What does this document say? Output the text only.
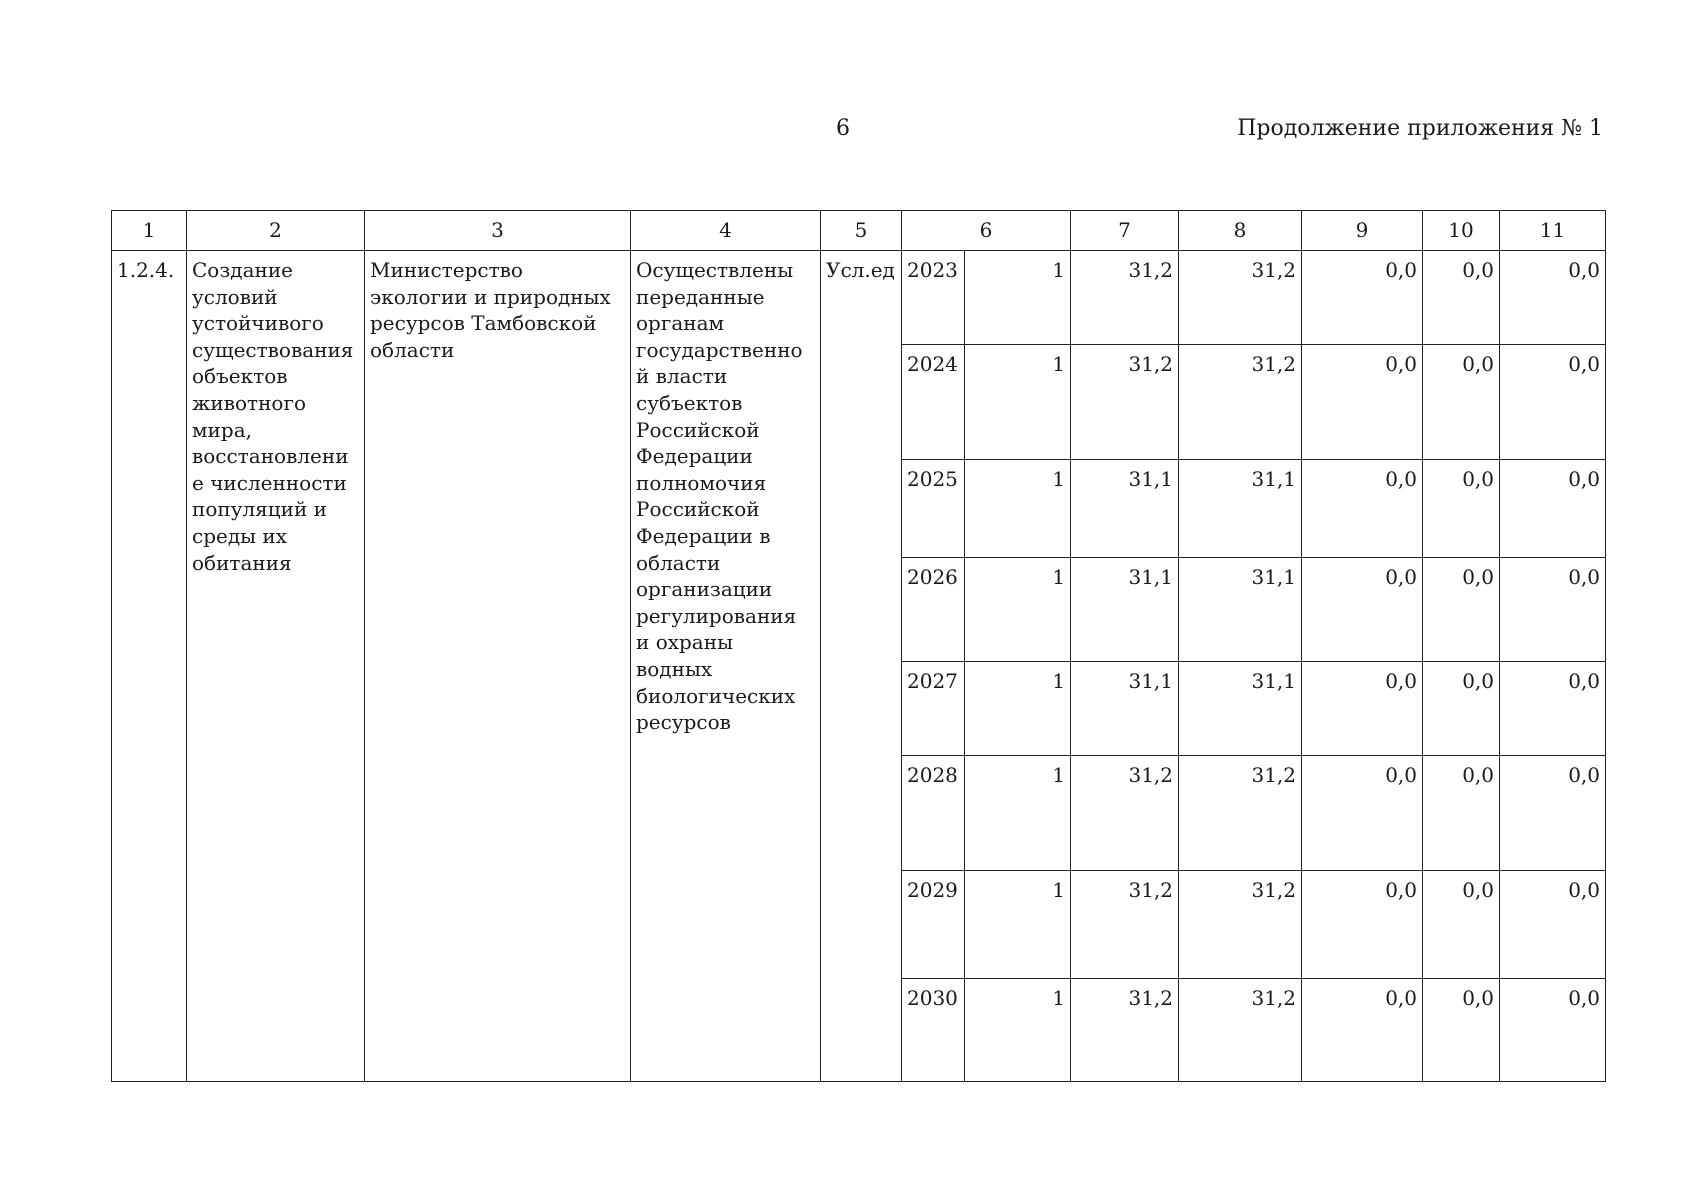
6	Продолжение приложения № 1
1	2	3	4	5	6		7	8	9	10	11
1.2.4.	Создание условий устойчивого существования объектов животного мира, восстановление численности популяций и среды их обитания	Министерство экологии и природных ресурсов Тамбовской области	Осуществлены переданные органам государственной власти субъектов Российской Федерации полномочия Российской Федерации в области организации регулирования и охраны водных биологических ресурсов	Усл.ед	2023	1	31,2	31,2	0,0	0,0	0,0
					2024	1	31,2	31,2	0,0	0,0	0,0
					2025	1	31,1	31,1	0,0	0,0	0,0
					2026	1	31,1	31,1	0,0	0,0	0,0
					2027	1	31,1	31,1	0,0	0,0	0,0
					2028	1	31,2	31,2	0,0	0,0	0,0
					2029	1	31,2	31,2	0,0	0,0	0,0
					2030	1	31,2	31,2	0,0	0,0	0,0
